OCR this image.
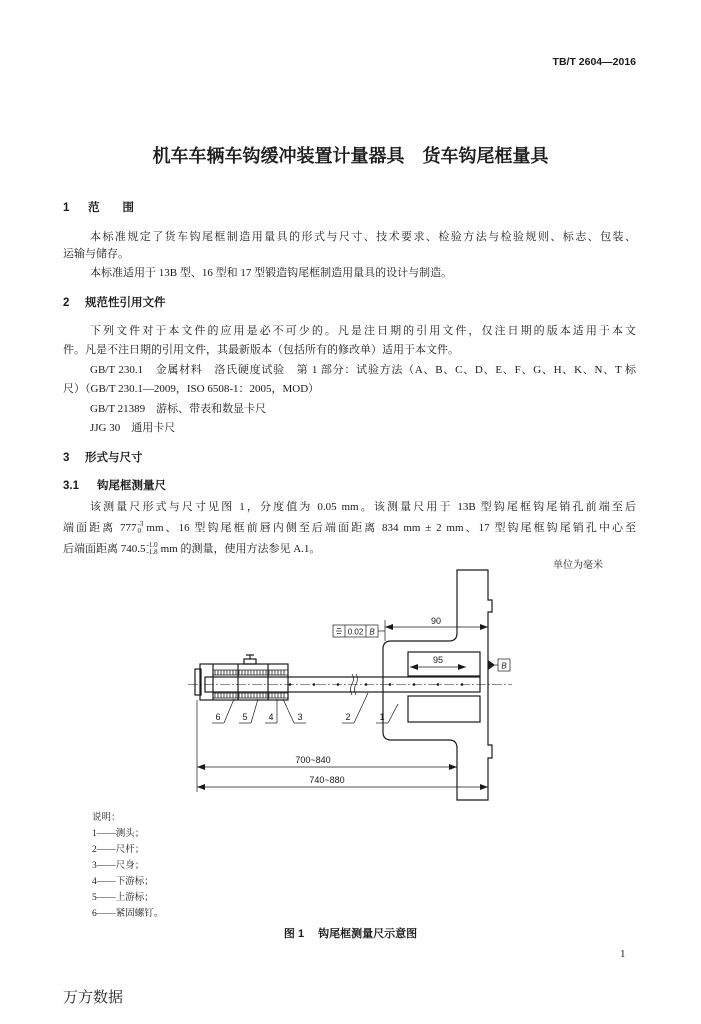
TB/T 2604—2016
机车车辆车钩缓冲装置计量器具　货车钩尾框量具
1 范　　围
本标准规定了货车钩尾框制造用量具的形式与尺寸、技术要求、检验方法与检验规则、标志、包装、
运输与储存。
本标准适用于 13B 型、16 型和 17 型锻造钩尾框制造用量具的设计与制造。
2 规范性引用文件
下列文件对于本文件的应用是必不可少的。凡是注日期的引用文件，仅注日期的版本适用于本文
件。凡是不注日期的引用文件，其最新版本（包括所有的修改单）适用于本文件。
GB/T 230.1　金属材料　洛氏硬度试验　第 1 部分：试验方法（A、B、C、D、E、F、G、H、K、N、T 标
尺）（GB/T 230.1—2009，ISO 6508-1：2005，MOD）
GB/T 21389　游标、带表和数显卡尺
JJG 30　通用卡尺
3 形式与尺寸
3.1 钩尾框测量尺
该测量尺形式与尺寸见图 1，分度值为 0.05 mm。该测量尺用于 13B 型钩尾框钩尾销孔前端至后
端面距离 777 -3
0 mm、16 型钩尾框前唇内侧至后端面距离 834 mm ± 2 mm、17 型钩尾框钩尾销孔中心至
后端面距离 740.5 -1.0
-1.8 mm 的测量，使用方法参见 A.1。
单位为毫米
90
0.02 B
95
B
700~840
740~880
6 5 4	3	2	1
说明：
1——测头；
2——尺杆；
3——尺身；
4——下游标；
5——上游标；
6——紧固螺钉。
图 1 钩尾框测量尺示意图
1
万方数据
